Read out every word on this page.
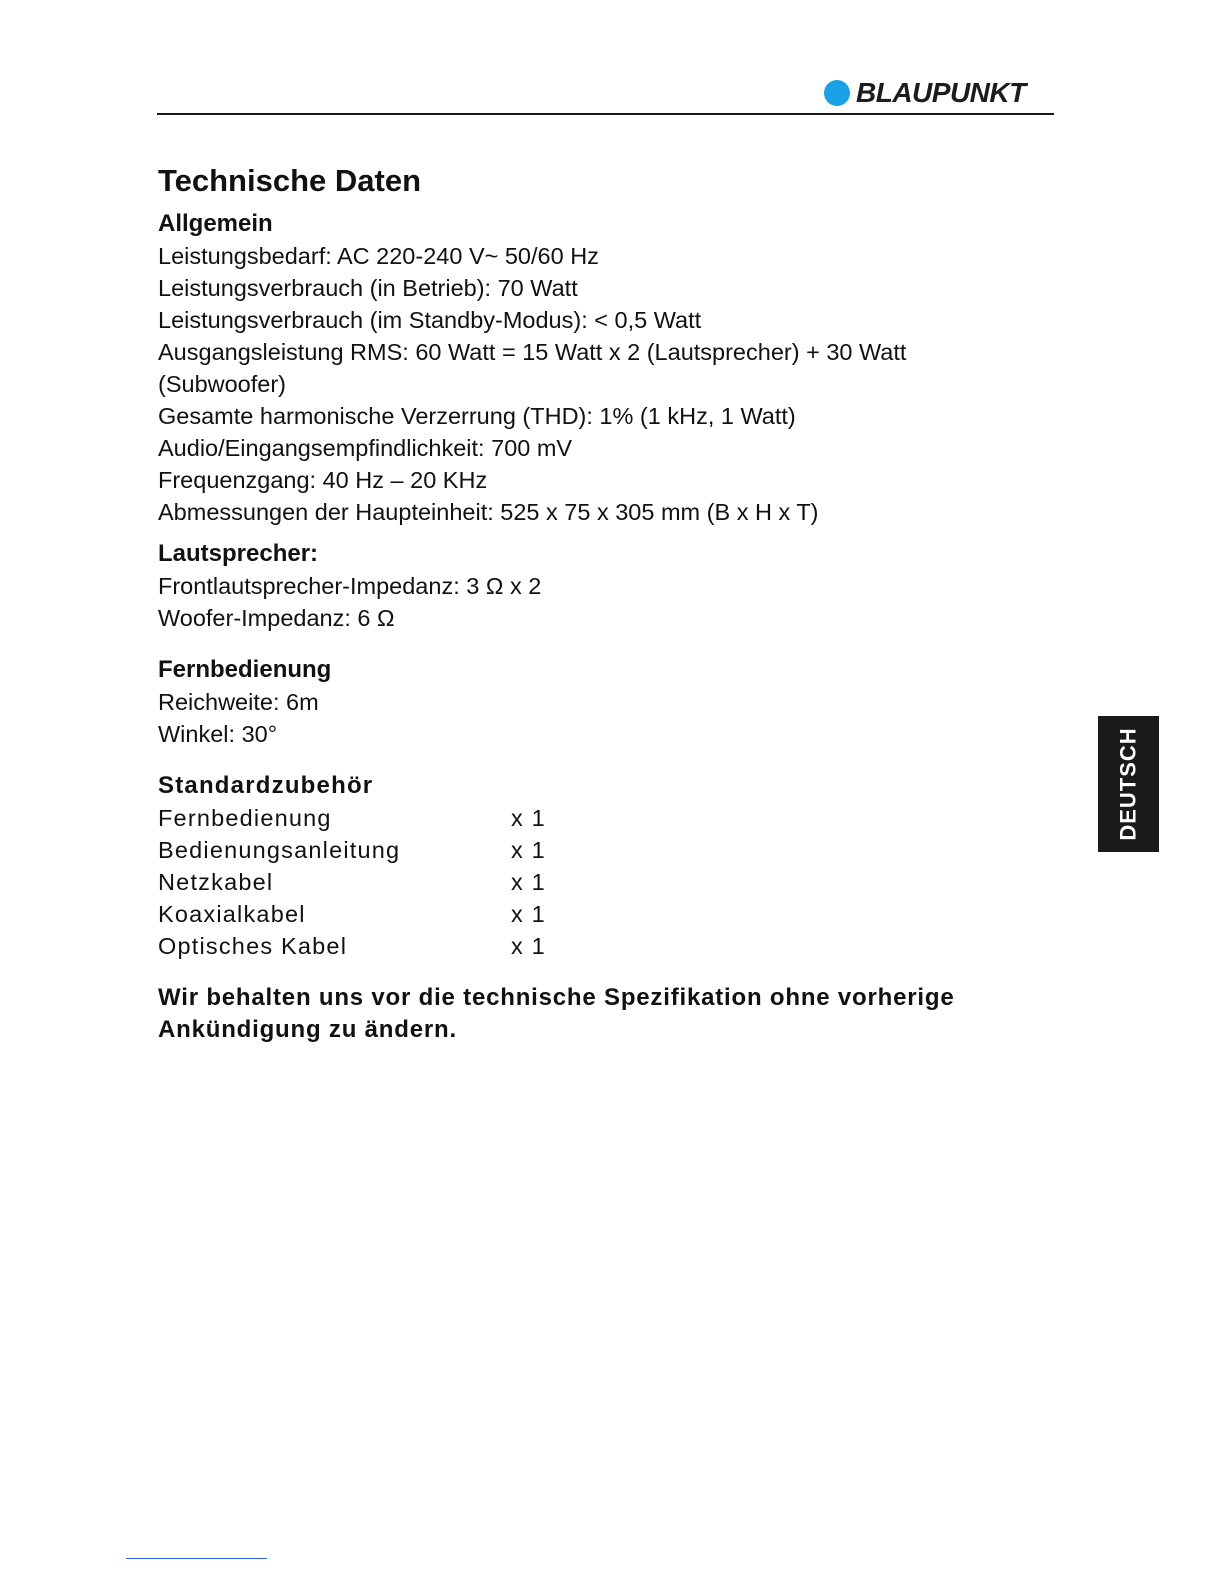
BLAUPUNKT
Technische Daten

Allgemein

Leistungsbedarf: AC 220-240 V~ 50/60 Hz

Leistungsverbrauch (in Betrieb): 70 Watt

Leistungsverbrauch (im Standby-Modus): < 0,5 Watt

Ausgangsleistung RMS: 60 Watt = 15 Watt x 2 (Lautsprecher) + 30 Watt

(Subwoofer)

Gesamte harmonische Verzerrung (THD): 1% (1 kHz, 1 Watt)

Audio/Eingangsempfindlichkeit: 700 mV

Frequenzgang: 40 Hz – 20 KHz

Abmessungen der Haupteinheit: 525 x 75 x 305 mm (B x H x T)

Lautsprecher:

Frontlautsprecher-Impedanz: 3 Ω x 2

Woofer-Impedanz: 6 Ω

Fernbedienung

Reichweite: 6m

Winkel: 30°

Standardzubehör

Fernbedienung	x 1
Bedienungsanleitung	x 1
Netzkabel	x 1
Koaxialkabel	x 1
Optisches Kabel	x 1

Wir behalten uns vor die technische Spezifikation ohne vorherige

Ankündigung zu ändern.

DEUTSCH
